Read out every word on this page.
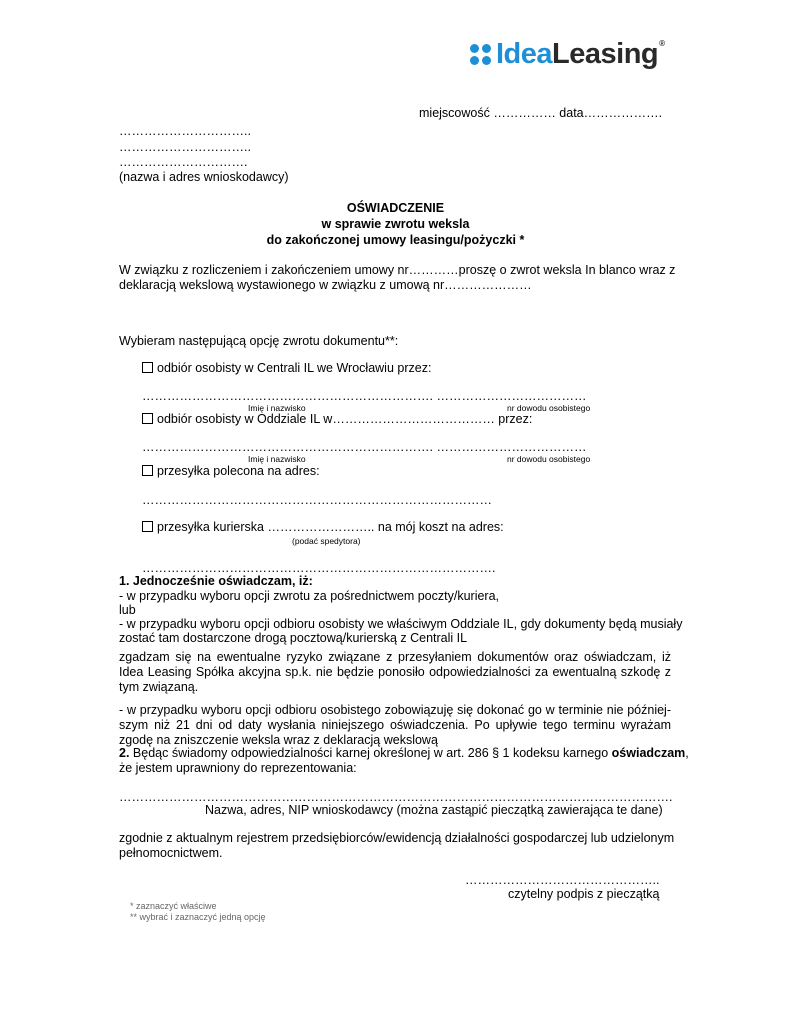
IdeaLeasing®
miejscowość …………… data……………….
…………………………..
…………………………..
………………………….
(nazwa i adres wnioskodawcy)
OŚWIADCZENIE
w sprawie zwrotu weksla
do zakończonej umowy leasingu/pożyczki *
W związku z rozliczeniem i zakończeniem umowy nr…………proszę o zwrot weksla In blanco wraz z
deklaracją wekslową wystawionego w związku z umową nr…………………
Wybieram następującą opcję zwrotu dokumentu**:
odbiór osobisty w Centrali IL we Wrocławiu przez:
……………………………………………………………. ………………………………
Imię i nazwisko	nr dowodu osobistego
odbiór osobisty w Oddziale IL w………………………………… przez:
……………………………………………………………. ………………………………
Imię i nazwisko	nr dowodu osobistego
przesyłka polecona na adres:
…………………………………………………………………………
przesyłka kurierska …………………….. na mój koszt na adres:
(podać spedytora)
………………………………………………………………………….
1. Jednocześnie oświadczam, iż:
- w przypadku wyboru opcji zwrotu za pośrednictwem poczty/kuriera,
lub
- w przypadku wyboru opcji odbioru osobisty we właściwym Oddziale IL, gdy dokumenty będą musiały
zostać tam dostarczone drogą pocztową/kurierską z Centrali IL

zgadzam się na ewentualne ryzyko związane z przesyłaniem dokumentów oraz oświadczam, iż Idea Leasing Spółka akcyjna sp.k. nie będzie ponosiło odpowiedzialności za ewentualną szkodę z tym związaną.

- w przypadku wyboru opcji odbioru osobistego zobowiązuję się dokonać go w terminie nie późniejszym niż 21 dni od daty wysłania niniejszego oświadczenia. Po upływie tego terminu wyrażam zgodę na zniszczenie weksla wraz z deklaracją wekslową

2. Będąc świadomy odpowiedzialności karnej określonej w art. 286 § 1 kodeksu karnego oświadczam,
że jestem uprawniony do reprezentowania:
…………………………………………………………………………………………………………………….
Nazwa, adres, NIP wnioskodawcy (można zastąpić pieczątką zawierająca te dane)
zgodnie z aktualnym rejestrem przedsiębiorców/ewidencją działalności gospodarczej lub udzielonym
pełnomocnictwem.
………………………………………..
czytelny podpis z pieczątką
* zaznaczyć właściwe
** wybrać i zaznaczyć jedną opcję
